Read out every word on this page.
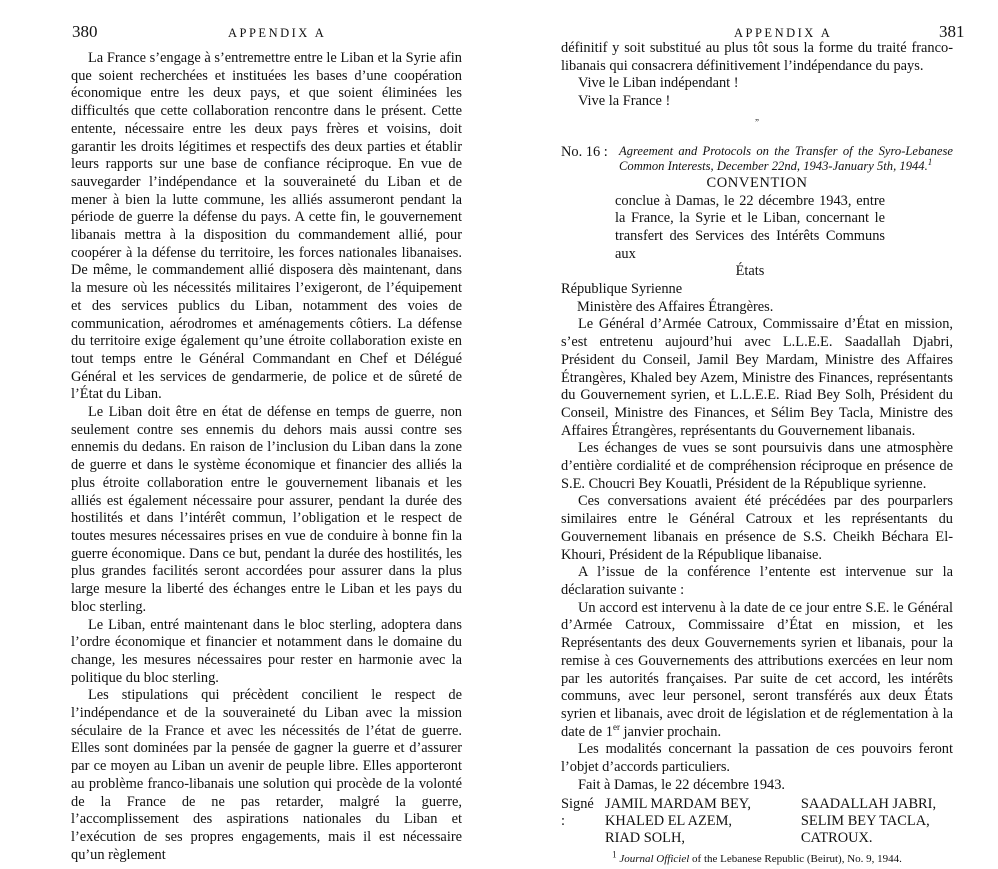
380	APPENDIX A

La France s’engage à s’entremettre entre le Liban et la Syrie afin que soient recherchées et instituées les bases d’une coopération économique entre les deux pays, et que soient éliminées les difficultés que cette collaboration rencontre dans le présent. Cette entente, nécessaire entre les deux pays frères et voisins, doit garantir les droits légitimes et respectifs des deux parties et établir leurs rapports sur une base de confiance réciproque. En vue de sauvegarder l’indépendance et la souveraineté du Liban et de mener à bien la lutte commune, les alliés assumeront pendant la période de guerre la défense du pays. A cette fin, le gouvernement libanais mettra à la disposition du commandement allié, pour coopérer à la défense du territoire, les forces nationales libanaises. De même, le commandement allié disposera dès maintenant, dans la mesure où les nécessités militaires l’exigeront, de l’équipement et des services publics du Liban, notamment des voies de communication, aérodromes et aménagements côtiers. La défense du territoire exige également qu’une étroite collaboration existe en tout temps entre le Général Commandant en Chef et Délégué Général et les services de gendarmerie, de police et de sûreté de l’État du Liban.

Le Liban doit être en état de défense en temps de guerre, non seulement contre ses ennemis du dehors mais aussi contre ses ennemis du dedans. En raison de l’inclusion du Liban dans la zone de guerre et dans le système économique et financier des alliés la plus étroite collaboration entre le gouvernement libanais et les alliés est également nécessaire pour assurer, pendant la durée des hostilités et dans l’intérêt commun, l’obligation et le respect de toutes mesures nécessaires prises en vue de conduire à bonne fin la guerre économique. Dans ce but, pendant la durée des hostilités, les plus grandes facilités seront accordées pour assurer dans la plus large mesure la liberté des échanges entre le Liban et les pays du bloc sterling.

Le Liban, entré maintenant dans le bloc sterling, adoptera dans l’ordre économique et financier et notamment dans le domaine du change, les mesures nécessaires pour rester en harmonie avec la politique du bloc sterling.

Les stipulations qui précèdent concilient le respect de l’indépendance et de la souveraineté du Liban avec la mission séculaire de la France et avec les nécessités de l’état de guerre. Elles sont dominées par la pensée de gagner la guerre et d’assurer par ce moyen au Liban un avenir de peuple libre. Elles apporteront au problème franco-libanais une solution qui procède de la volonté de la France de ne pas retarder, malgré la guerre, l’accomplissement des aspirations nationales du Liban et l’exécution de ses propres engagements, mais il est nécessaire qu’un règlement

APPENDIX A	381

définitif y soit substitué au plus tôt sous la forme du traité franco-libanais qui consacrera définitivement l’indépendance du pays.

Vive le Liban indépendant !

Vive la France !

„
No. 16 : Agreement and Protocols on the Transfer of the Syro-Lebanese Common Interests, December 22nd, 1943-January 5th, 1944.$^1$
CONVENTION
conclue à Damas, le 22 décembre 1943, entre la France, la Syrie et le Liban, concernant le transfert des Services des Intérêts Communs aux
États

République Syrienne

Ministère des Affaires Étrangères.

Le Général d’Armée Catroux, Commissaire d’État en mission, s’est entretenu aujourd’hui avec L.L.E.E. Saadallah Djabri, Président du Conseil, Jamil Bey Mardam, Ministre des Affaires Étrangères, Khaled bey Azem, Ministre des Finances, représentants du Gouvernement syrien, et L.L.E.E. Riad Bey Solh, Président du Conseil, Ministre des Finances, et Sélim Bey Tacla, Ministre des Affaires Étrangères, représentants du Gouvernement libanais.

Les échanges de vues se sont poursuivis dans une atmosphère d’entière cordialité et de compréhension réciproque en présence de S.E. Choucri Bey Kouatli, Président de la République syrienne.

Ces conversations avaient été précédées par des pourparlers similaires entre le Général Catroux et les représentants du Gouvernement libanais en présence de S.S. Cheikh Béchara El-Khouri, Président de la République libanaise.

A l’issue de la conférence l’entente est intervenue sur la déclaration suivante :

Un accord est intervenu à la date de ce jour entre S.E. le Général d’Armée Catroux, Commissaire d’État en mission, et les Représentants des deux Gouvernements syrien et libanais, pour la remise à ces Gouvernements des attributions exercées en leur nom par les autorités françaises. Par suite de cet accord, les intérêts communs, avec leur personel, seront transférés aux deux États syrien et libanais, avec droit de législation et de réglementation à la date de 1er janvier prochain.

Les modalités concernant la passation de ces pouvoirs feront l’objet d’accords particuliers.

Fait à Damas, le 22 décembre 1943.

Signé :
JAMIL MARDAM BEY,
KHALED EL AZEM,
RIAD SOLH,
SAADALLAH JABRI,
SELIM BEY TACLA,
CATROUX.
$^1$ Journal Officiel of the Lebanese Republic (Beirut), No. 9, 1944.
